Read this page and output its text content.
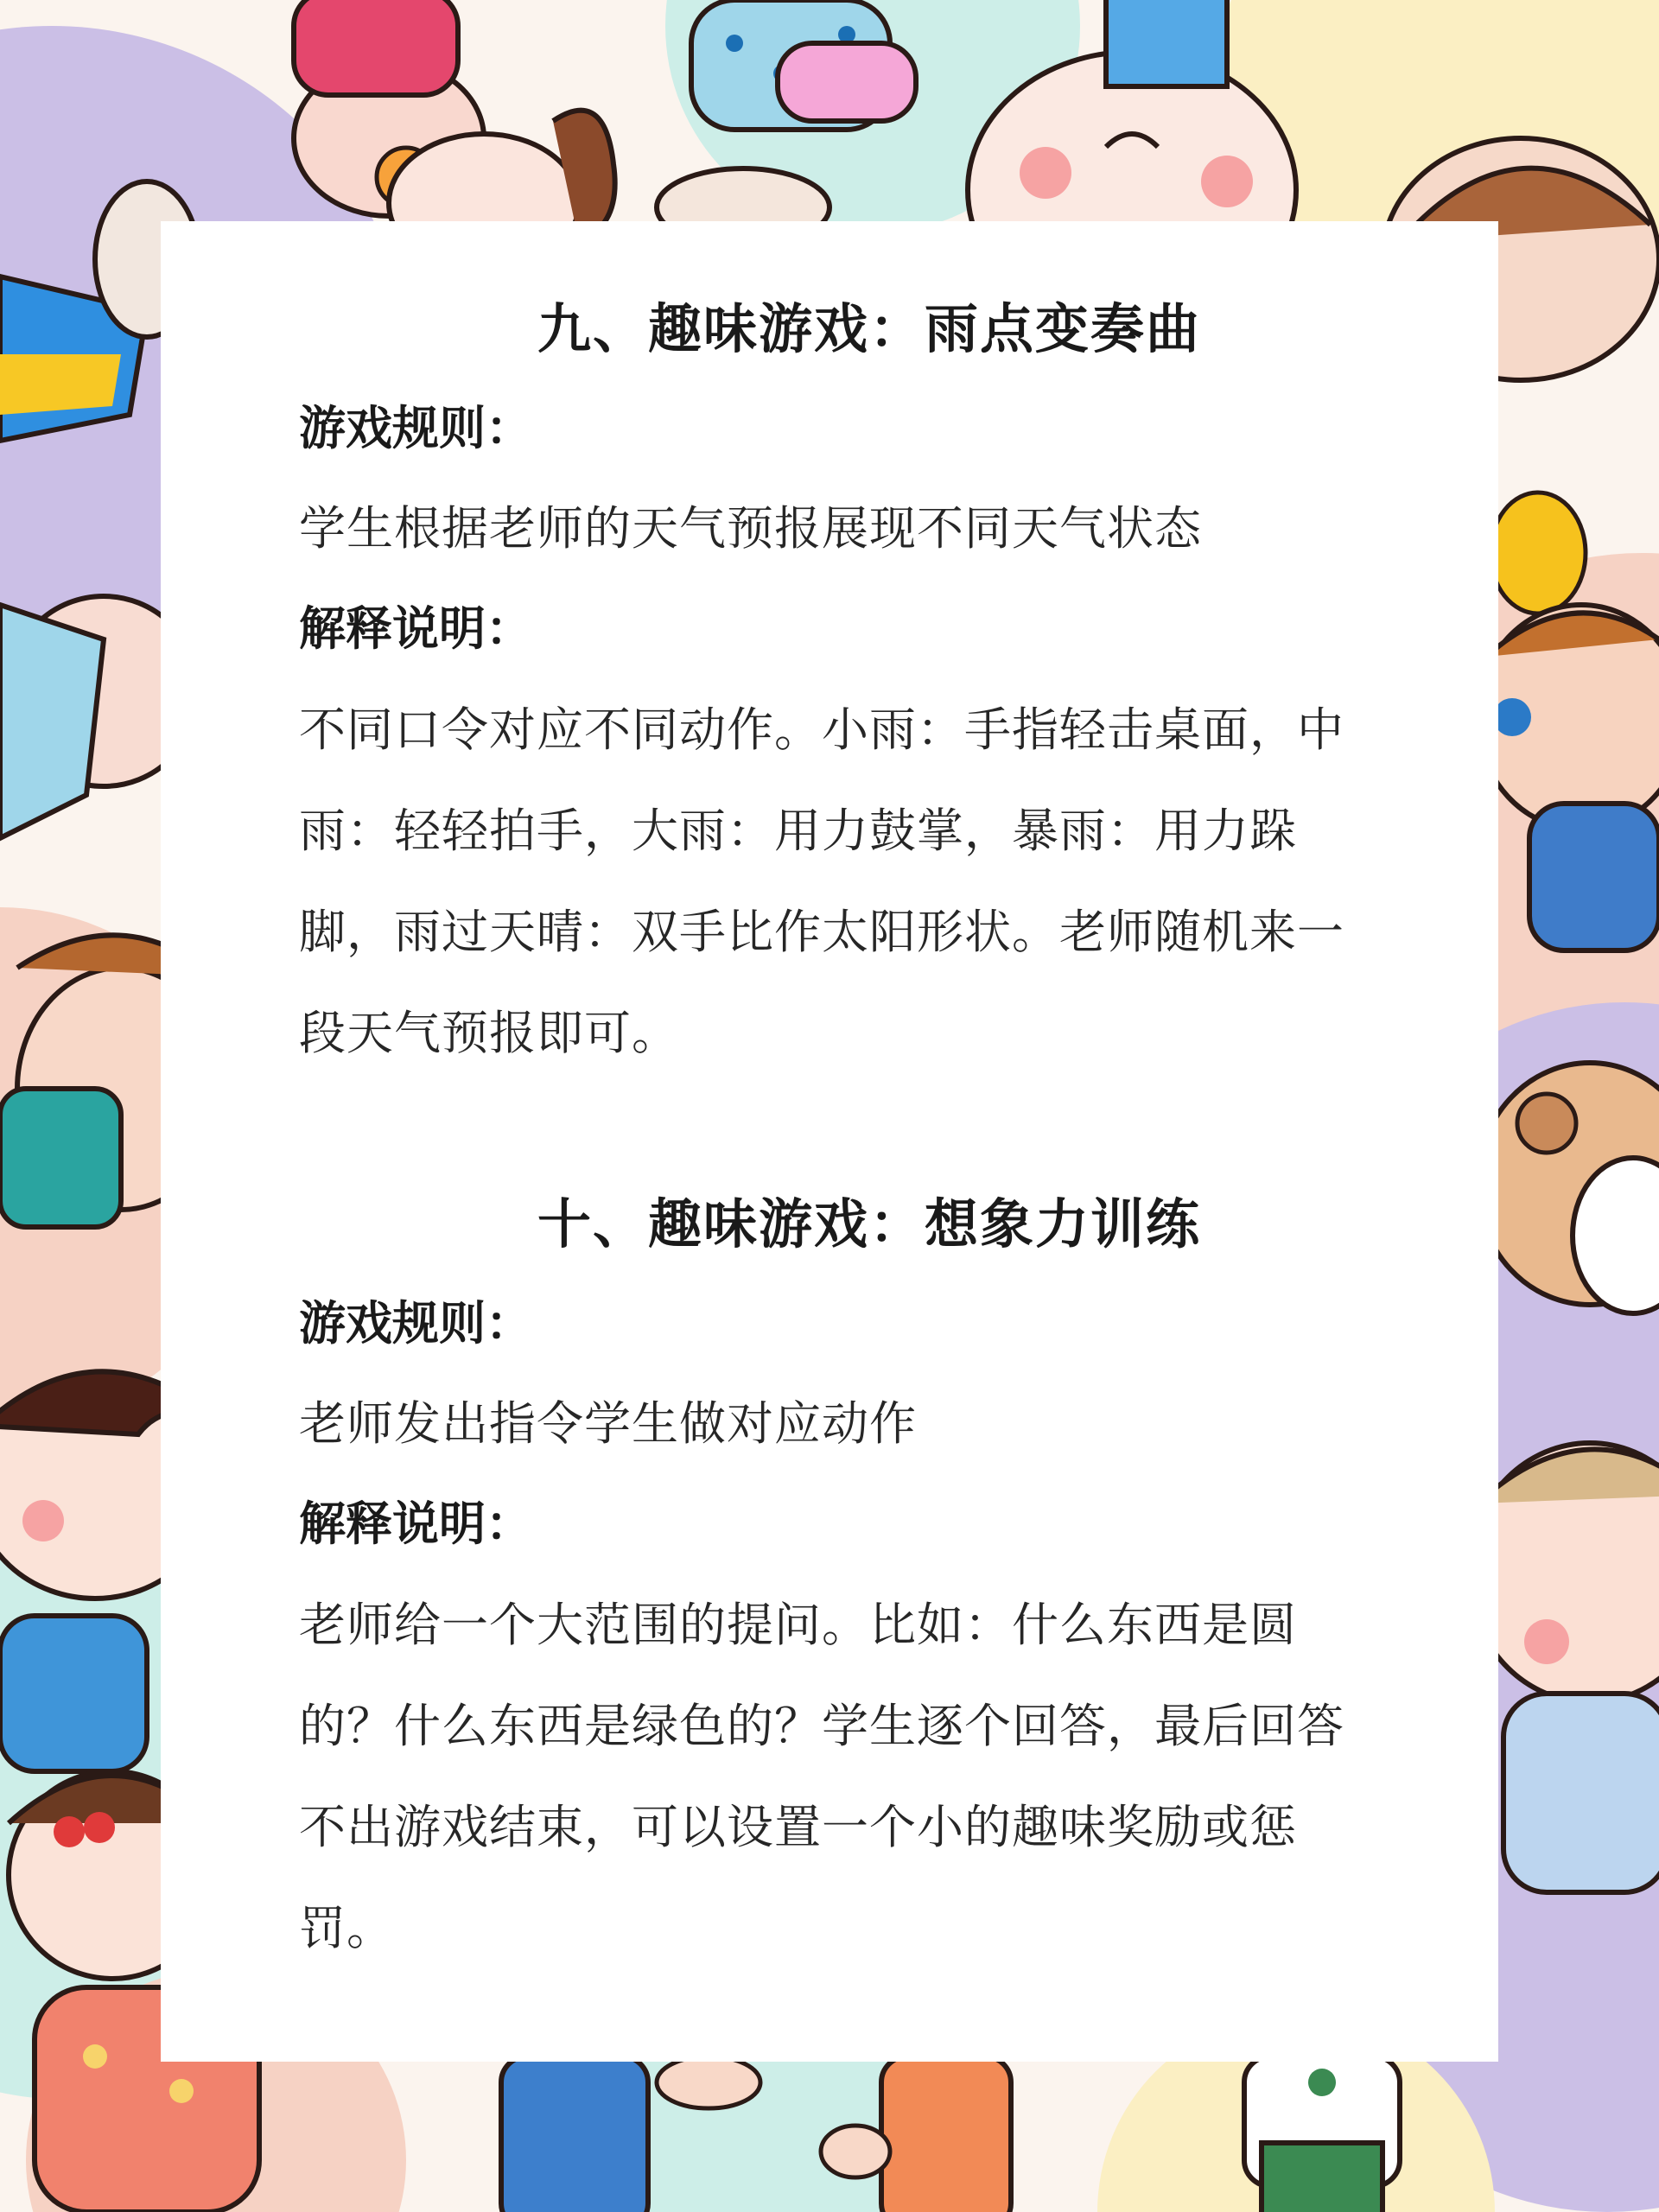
九、趣味游戏：雨点变奏曲

游戏规则：

学生根据老师的天气预报展现不同天气状态

解释说明：

不同口令对应不同动作。小雨：手指轻击桌面，中雨：轻轻拍手，大雨：用力鼓掌，暴雨：用力跺脚，雨过天晴：双手比作太阳形状。老师随机来一段天气预报即可。

十、趣味游戏：想象力训练

游戏规则：

老师发出指令学生做对应动作

解释说明：

老师给一个大范围的提问。比如：什么东西是圆的？什么东西是绿色的？学生逐个回答，最后回答不出游戏结束，可以设置一个小的趣味奖励或惩罚。
